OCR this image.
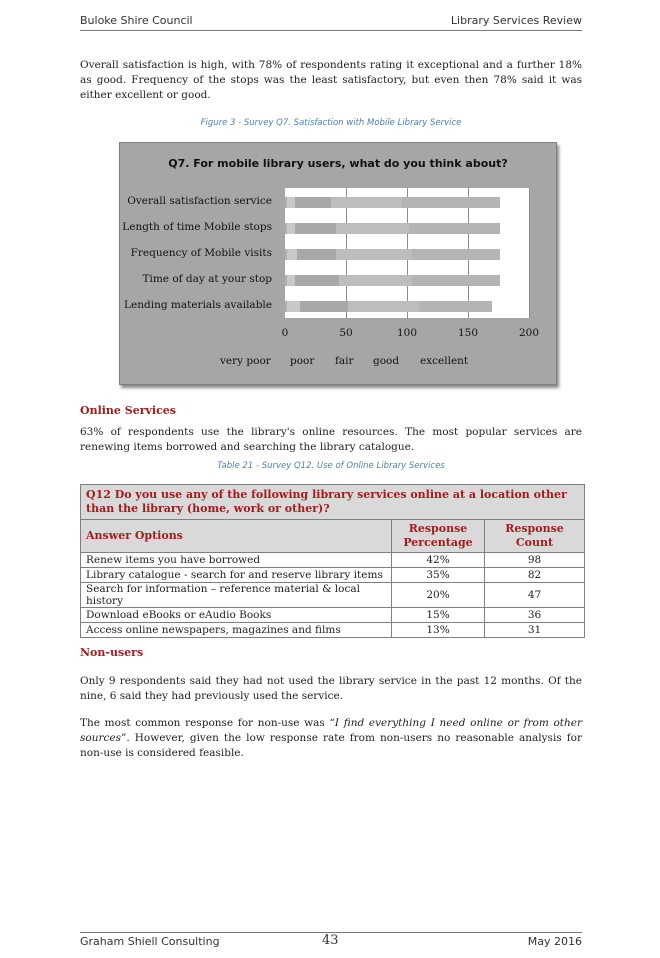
Buloke Shire Council	Library Services Review
Overall satisfaction is high, with 78% of respondents rating it exceptional and a further 18% as good. Frequency of the stops was the least satisfactory, but even then 78% said it was either excellent or good.
Figure 3 - Survey Q7. Satisfaction with Mobile Library Service
Q7. For mobile library users, what do you think about?
Overall satisfaction service
Length of time Mobile stops
Frequency of Mobile visits
Time of day at your stop
Lending materials available
0	50	100	150	200
very poor poor fair good excellent
Online Services
63% of respondents use the library's online resources. The most popular services are renewing items borrowed and searching the library catalogue.
Table 21 - Survey Q12. Use of Online Library Services
Q12 Do you use any of the following library services online at a location other than the library (home, work or other)?		
Answer Options	Response Percentage	Response Count
Renew items you have borrowed	42%	98
Library catalogue - search for and reserve library items	35%	82
Search for information – reference material & local history	20%	47
Download eBooks or eAudio Books	15%	36
Access online newspapers, magazines and films	13%	31
Non-users
Only 9 respondents said they had not used the library service in the past 12 months. Of the nine, 6 said they had previously used the service.
The most common response for non-use was “I find everything I need online or from other sources”. However, given the low response rate from non-users no reasonable analysis for non-use is considered feasible.
Graham Shiell Consulting	43	May 2016
